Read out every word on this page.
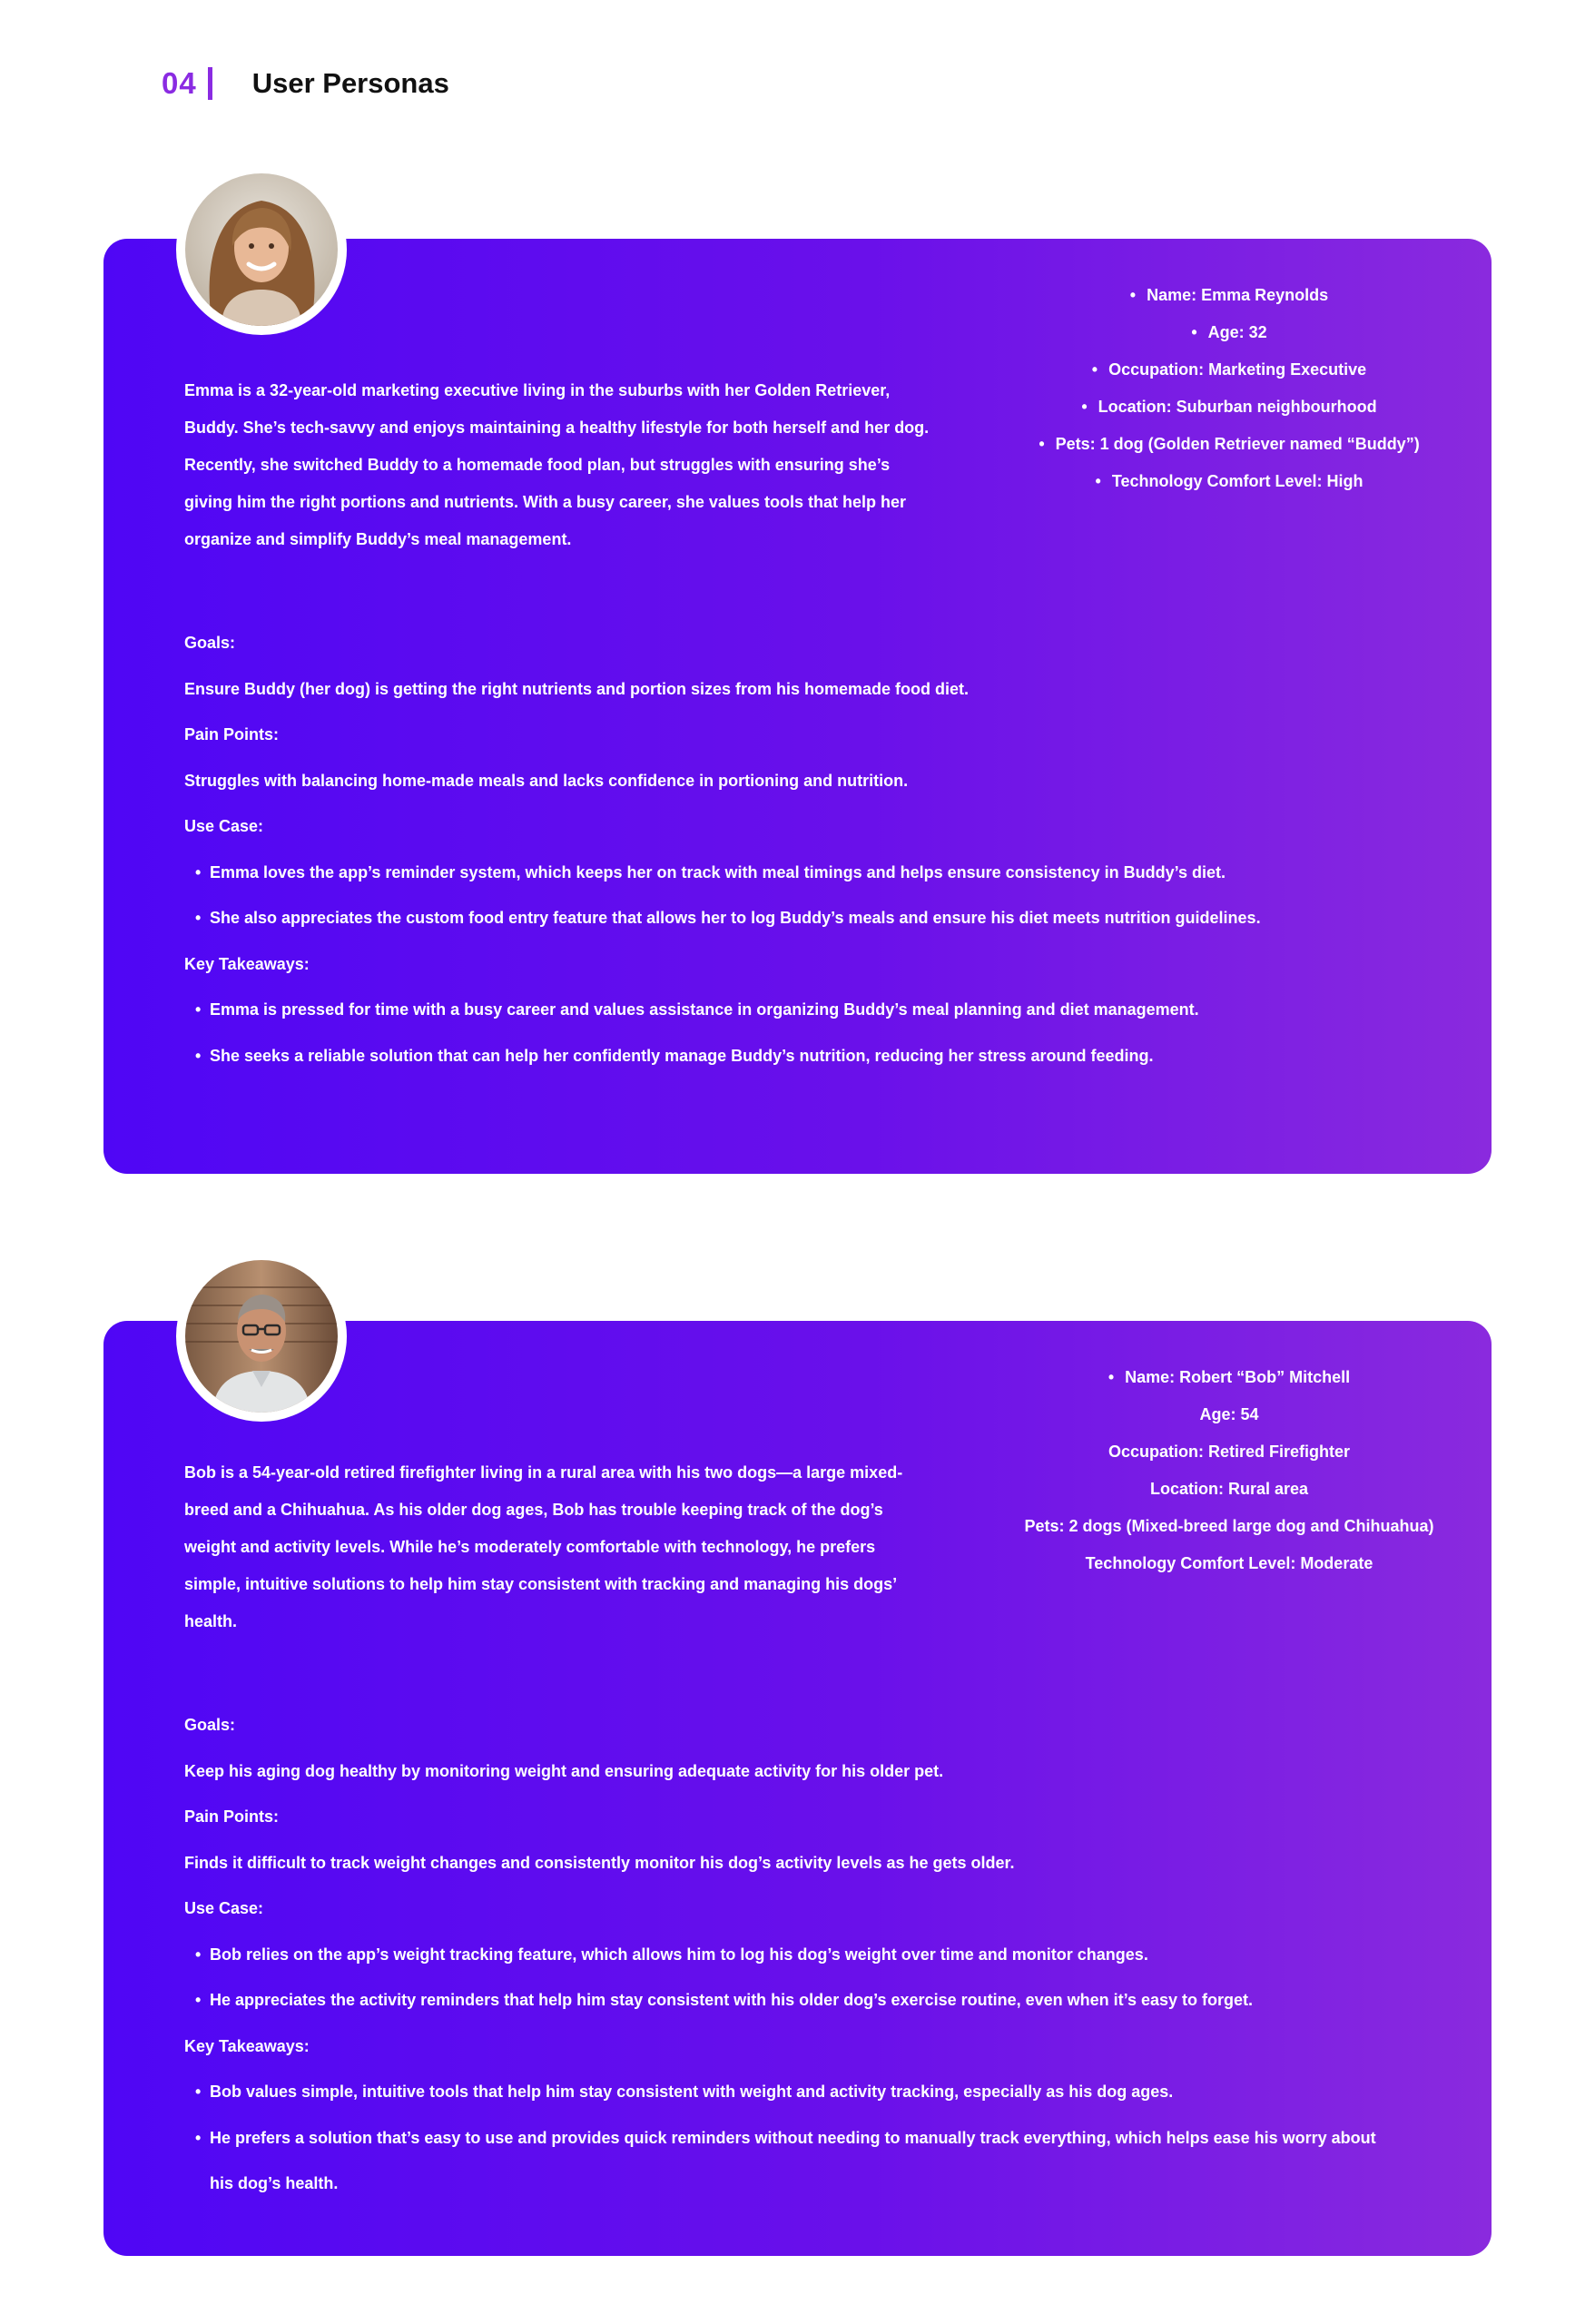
04 User Personas
Emma is a 32-year-old marketing executive living in the suburbs with her Golden Retriever, Buddy. She’s tech-savvy and enjoys maintaining a healthy lifestyle for both herself and her dog. Recently, she switched Buddy to a homemade food plan, but struggles with ensuring she’s giving him the right portions and nutrients. With a busy career, she values tools that help her organize and simplify Buddy’s meal management.
• Name: Emma Reynolds
• Age: 32
• Occupation: Marketing Executive
• Location: Suburban neighbourhood
• Pets: 1 dog (Golden Retriever named “Buddy”)
• Technology Comfort Level: High

Goals:

Ensure Buddy (her dog) is getting the right nutrients and portion sizes from his homemade food diet.

Pain Points:

Struggles with balancing home-made meals and lacks confidence in portioning and nutrition.

Use Case:

• Emma loves the app’s reminder system, which keeps her on track with meal timings and helps ensure consistency in Buddy’s diet.
• She also appreciates the custom food entry feature that allows her to log Buddy’s meals and ensure his diet meets nutrition guidelines.

Key Takeaways:

• Emma is pressed for time with a busy career and values assistance in organizing Buddy’s meal planning and diet management.
• She seeks a reliable solution that can help her confidently manage Buddy’s nutrition, reducing her stress around feeding.
Bob is a 54-year-old retired firefighter living in a rural area with his two dogs—a large mixed-breed and a Chihuahua. As his older dog ages, Bob has trouble keeping track of the dog’s weight and activity levels. While he’s moderately comfortable with technology, he prefers simple, intuitive solutions to help him stay consistent with tracking and managing his dogs’ health.
• Name: Robert “Bob” Mitchell
Age: 54
Occupation: Retired Firefighter
Location: Rural area
Pets: 2 dogs (Mixed-breed large dog and Chihuahua)
Technology Comfort Level: Moderate

Goals:

Keep his aging dog healthy by monitoring weight and ensuring adequate activity for his older pet.

Pain Points:

Finds it difficult to track weight changes and consistently monitor his dog’s activity levels as he gets older.

Use Case:

• Bob relies on the app’s weight tracking feature, which allows him to log his dog’s weight over time and monitor changes.
• He appreciates the activity reminders that help him stay consistent with his older dog’s exercise routine, even when it’s easy to forget.

Key Takeaways:

• Bob values simple, intuitive tools that help him stay consistent with weight and activity tracking, especially as his dog ages.
• He prefers a solution that’s easy to use and provides quick reminders without needing to manually track everything, which helps ease his worry about his dog’s health.
